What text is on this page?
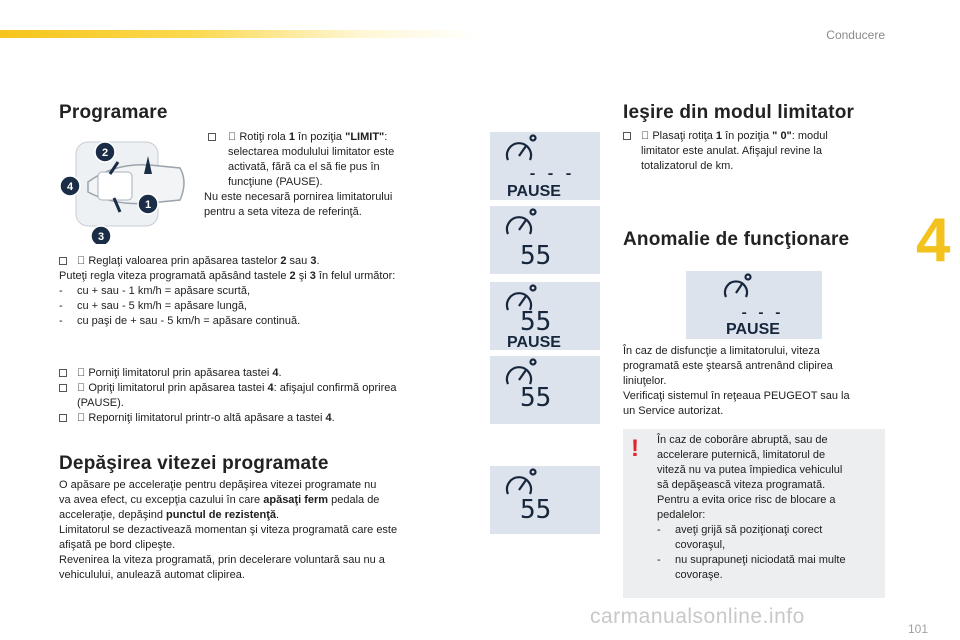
Conducere
4
Programare
2
1
4
3

Rotiţi rola 1 în poziţia "LIMIT":
selectarea modulului limitator este
activată, fără ca el să fie pus în
funcţiune (PAUSE).

Nu este necesară pornirea limitatorului
pentru a seta viteza de referinţă.

Reglaţi valoarea prin apăsarea tastelor 2 sau 3.

Puteţi regla viteza programată apăsând tastele 2 şi 3 în felul următor:

- cu + sau - 1 km/h = apăsare scurtă,

- cu + sau - 5 km/h = apăsare lungă,

- cu paşi de + sau - 5 km/h = apăsare continuă.

Porniţi limitatorul prin apăsarea tastei 4.

Opriţi limitatorul prin apăsarea tastei 4: afişajul confirmă oprirea
(PAUSE).

Reporniţi limitatorul printr-o altă apăsare a tastei 4.

Depăşirea vitezei programate

O apăsare pe acceleraţie pentru depăşirea vitezei programate nu

va avea efect, cu excepţia cazului în care apăsaţi ferm pedala de

acceleraţie, depăşind punctul de rezistenţă.

Limitatorul se dezactivează momentan şi viteza programată care este

afişată pe bord clipeşte.

Revenirea la viteza programată, prin decelerare voluntară sau nu a

vehiculului, anulează automat clipirea.

- - -
PAUSE
55
55
PAUSE
55
55
Ieşire din modul limitator

Plasaţi rotiţa 1 în poziţia " 0": modul
limitator este anulat. Afişajul revine la
totalizatorul de km.

Anomalie de funcţionare
- - -
PAUSE

În caz de disfuncţie a limitatorului, viteza

programată este ştearsă antrenând clipirea

liniuţelor.

Verificaţi sistemul în reţeaua PEUGEOT sau la

un Service autorizat.

! În caz de coborâre abruptă, sau de

accelerare puternică, limitatorul de

viteză nu va putea împiedica vehiculul

să depăşească viteza programată.

Pentru a evita orice risc de blocare a

pedalelor:

- aveţi grijă să poziţionaţi corect
covoraşul,

- nu suprapuneţi niciodată mai multe
covoraşe.

carmanualsonline.info
101
